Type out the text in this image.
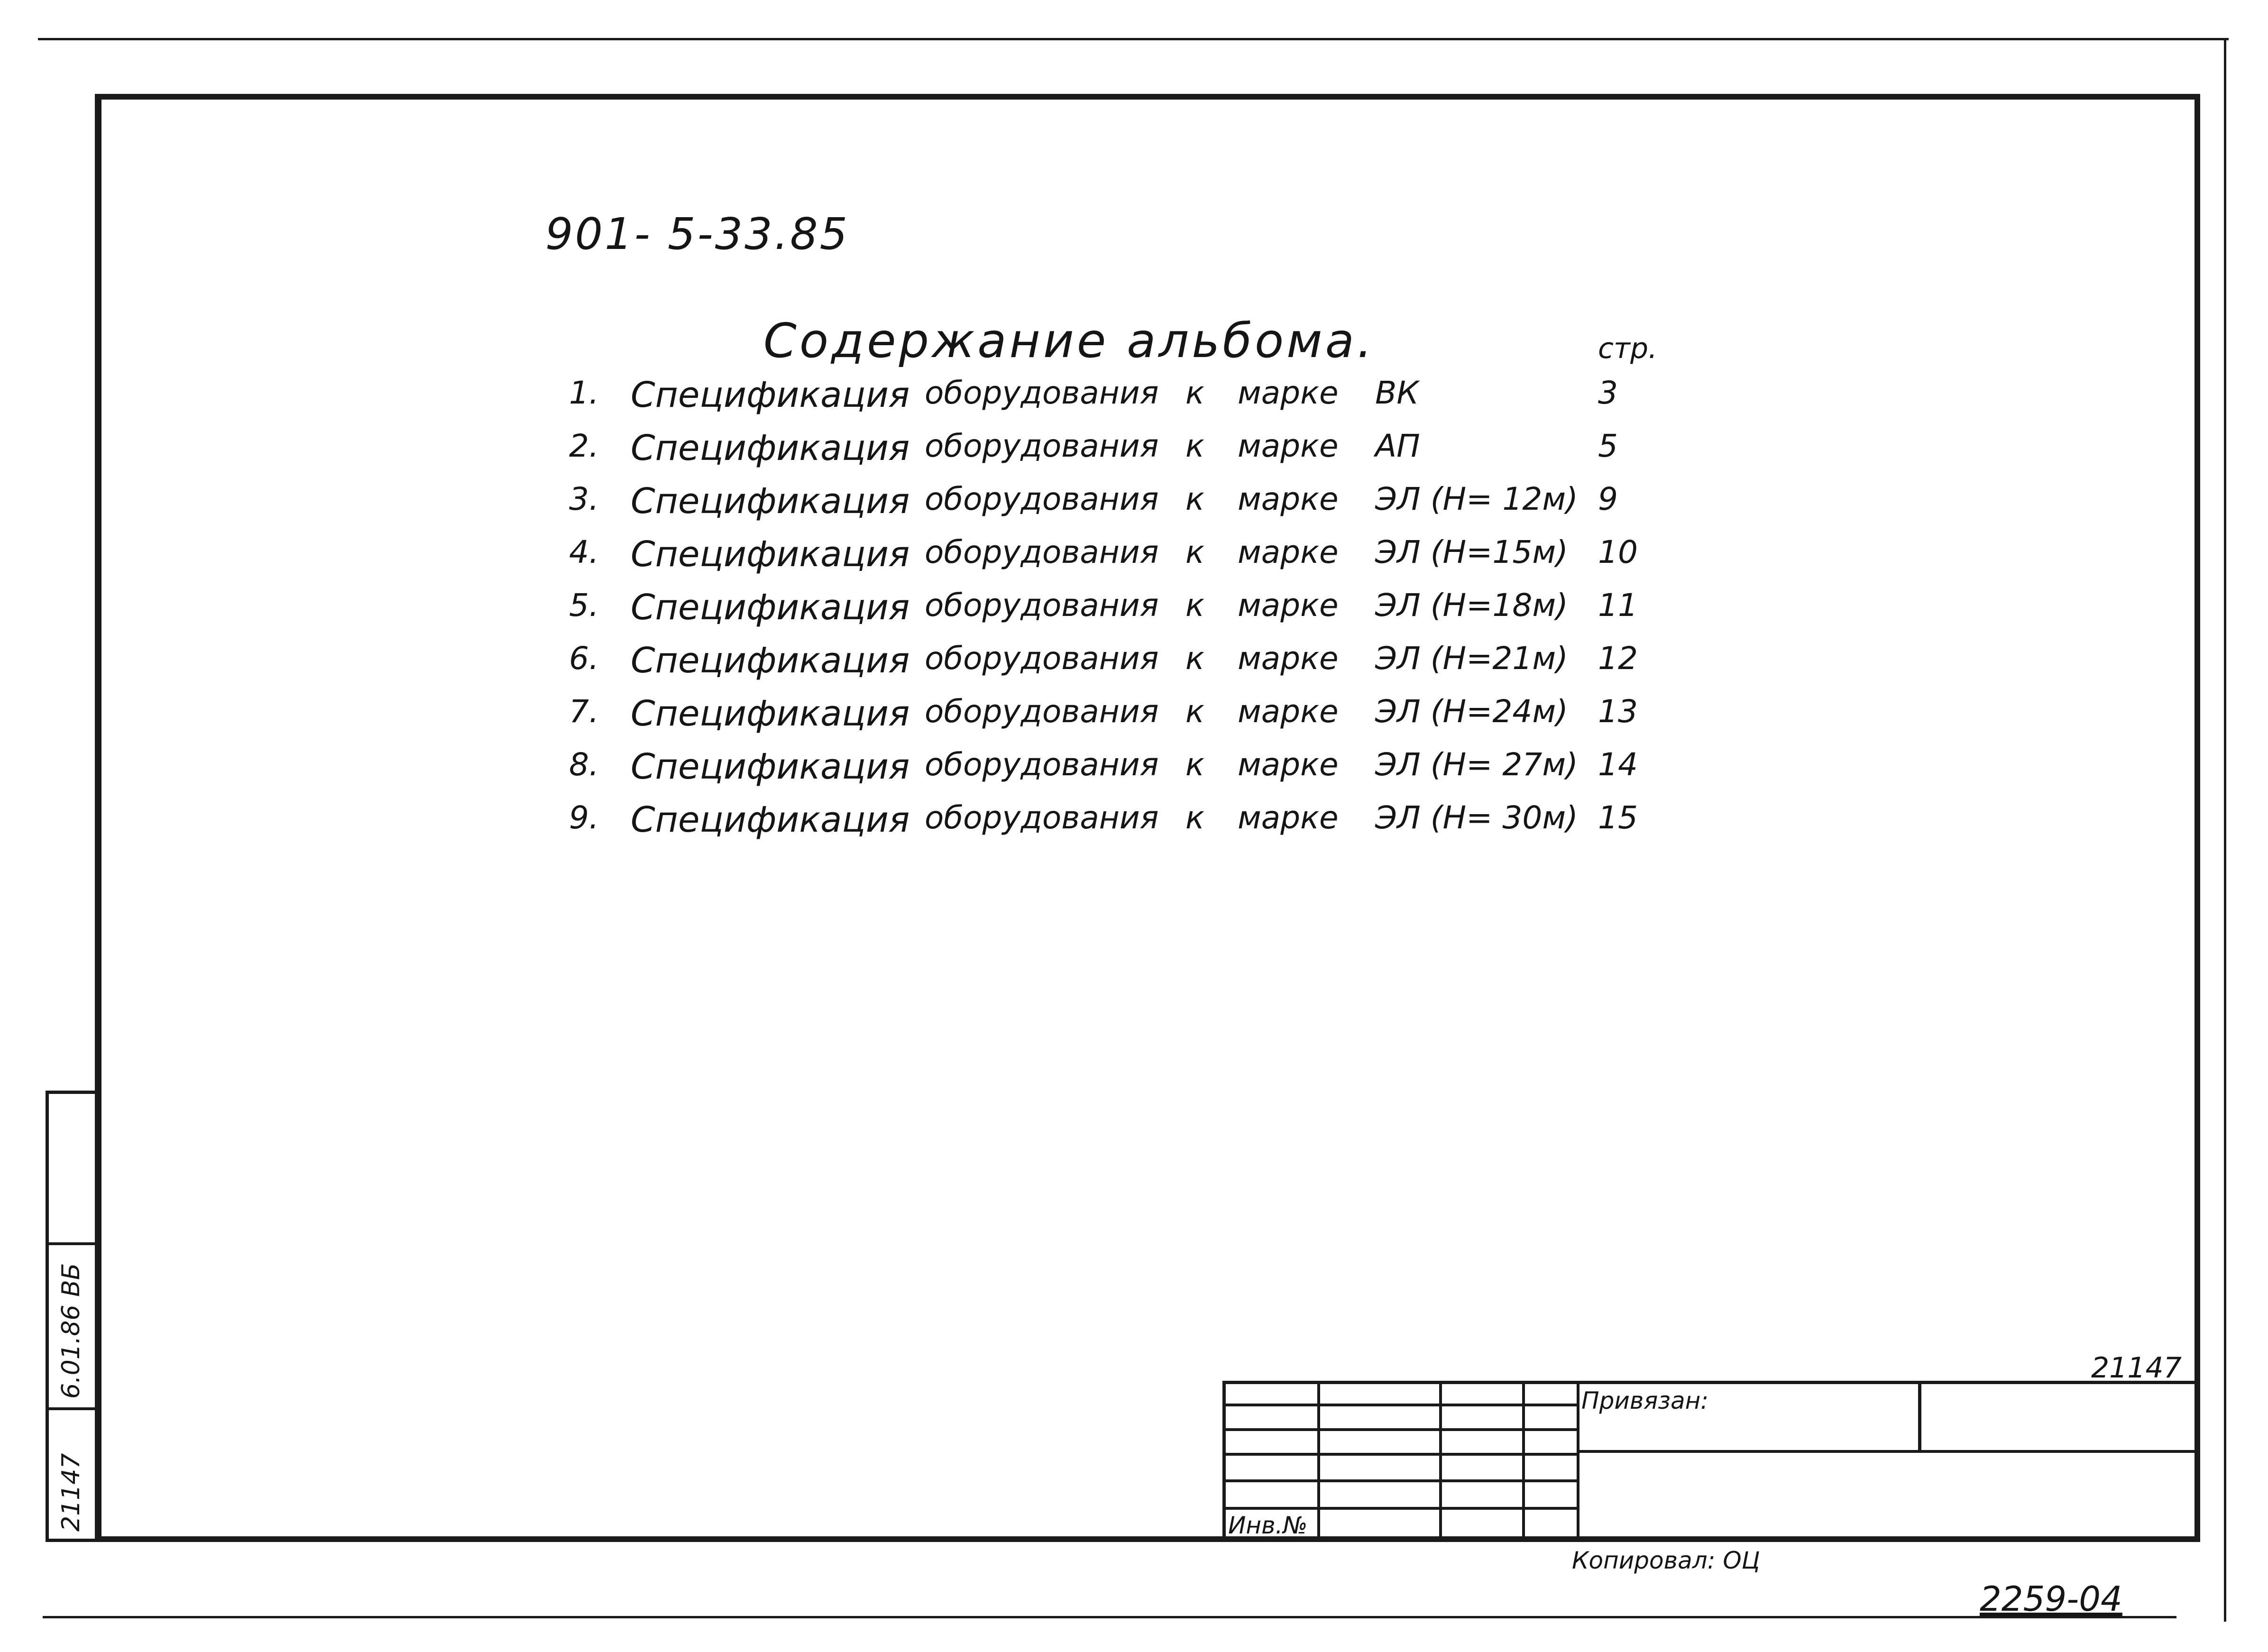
6.01.86 ВБ
21147
901- 5-33.85
Содержание альбома.	стр.
1. Спецификация оборудования к марке ВК	3
2. Спецификация оборудования к марке АП	5
3. Спецификация оборудования к марке ЭЛ (Н= 12м) 9
4. Спецификация оборудования к марке ЭЛ (Н=15м) 10
5. Спецификация оборудования к марке ЭЛ (Н=18м) 11
6. Спецификация оборудования к марке ЭЛ (Н=21м) 12
7. Спецификация оборудования к марке ЭЛ (Н=24м) 13
8. Спецификация оборудования к марке ЭЛ (Н= 27м) 14
9. Спецификация оборудования к марке ЭЛ (Н= 30м) 15
21147
Привязан:
Инв.№
Копировал: ОЦ
2259-04
